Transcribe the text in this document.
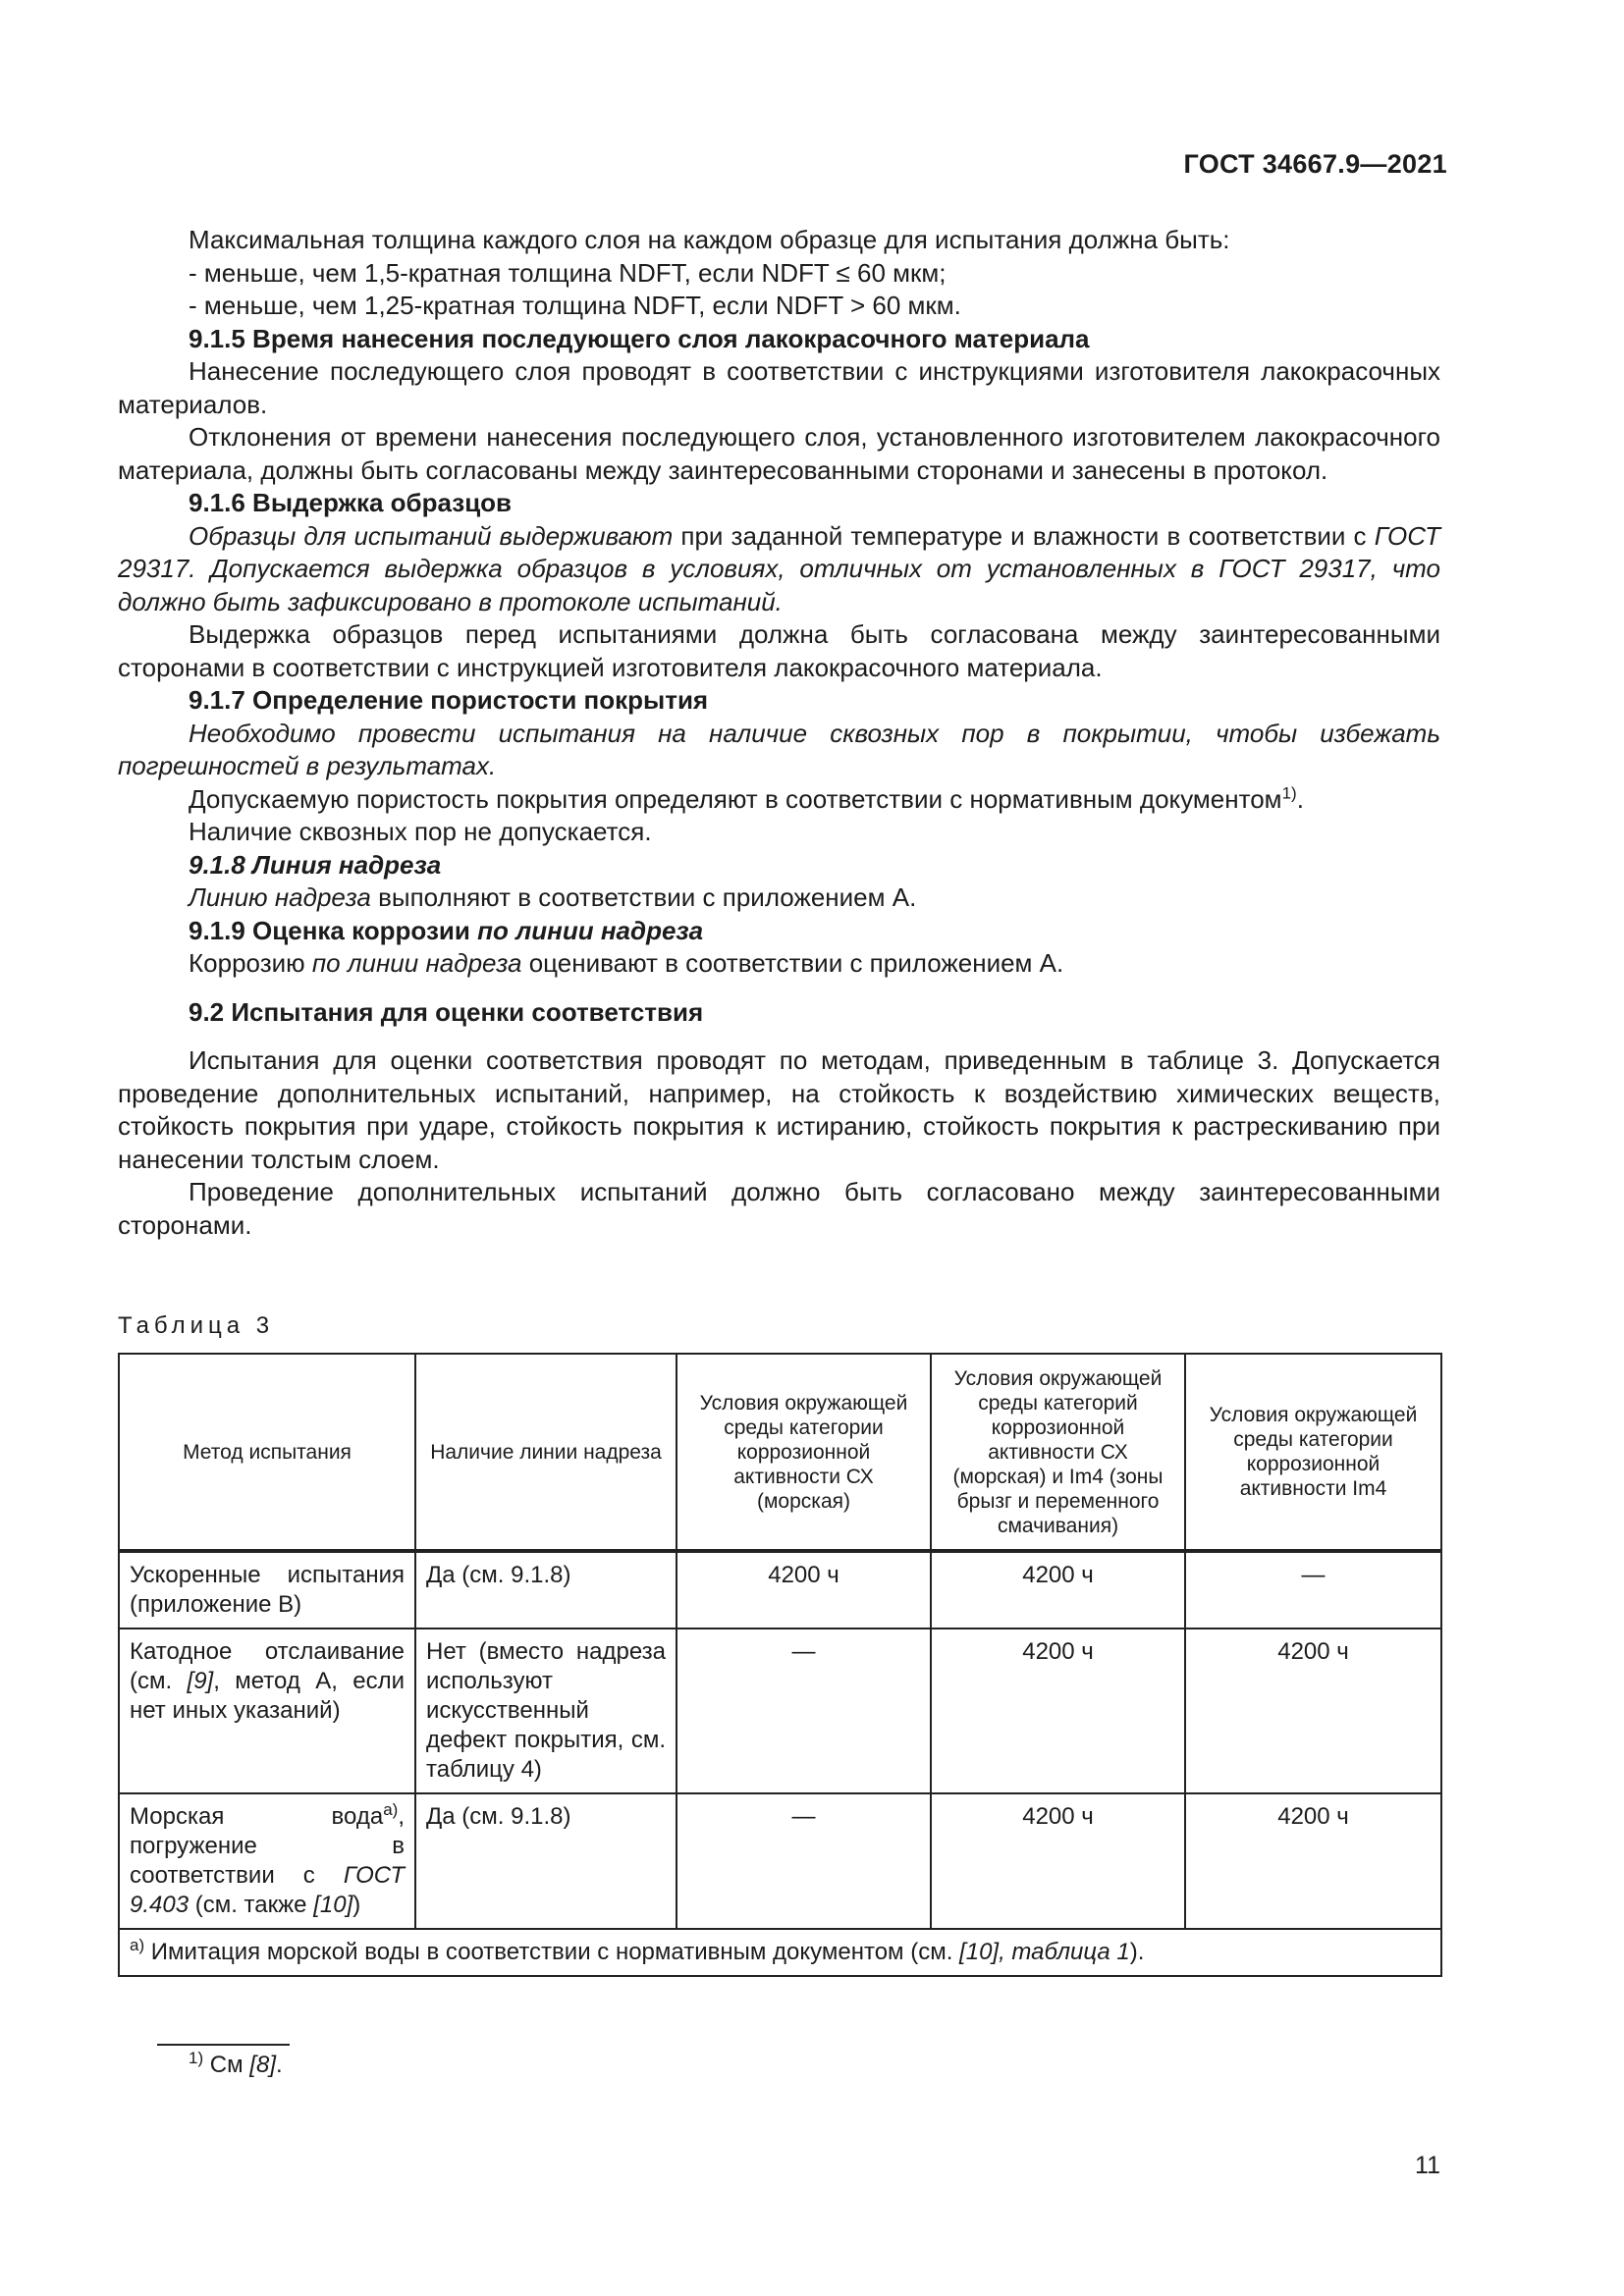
ГОСТ 34667.9—2021

Максимальная толщина каждого слоя на каждом образце для испытания должна быть:

- меньше, чем 1,5-кратная толщина NDFT, если NDFT ≤ 60 мкм;

- меньше, чем 1,25-кратная толщина NDFT, если NDFT > 60 мкм.

9.1.5 Время нанесения последующего слоя лакокрасочного материала

Нанесение последующего слоя проводят в соответствии с инструкциями изготовителя лакокрасочных материалов.

Отклонения от времени нанесения последующего слоя, установленного изготовителем лакокрасочного материала, должны быть согласованы между заинтересованными сторонами и занесены в протокол.

9.1.6 Выдержка образцов

Образцы для испытаний выдерживают при заданной температуре и влажности в соответствии с ГОСТ 29317. Допускается выдержка образцов в условиях, отличных от установленных в ГОСТ 29317, что должно быть зафиксировано в протоколе испытаний.

Выдержка образцов перед испытаниями должна быть согласована между заинтересованными сторонами в соответствии с инструкцией изготовителя лакокрасочного материала.

9.1.7 Определение пористости покрытия

Необходимо провести испытания на наличие сквозных пор в покрытии, чтобы избежать погрешностей в результатах.

Допускаемую пористость покрытия определяют в соответствии с нормативным документом$^{1)}$.

Наличие сквозных пор не допускается.

9.1.8 Линия надреза

Линию надреза выполняют в соответствии с приложением А.

9.1.9 Оценка коррозии по линии надреза

Коррозию по линии надреза оценивают в соответствии с приложением А.

9.2 Испытания для оценки соответствия

Испытания для оценки соответствия проводят по методам, приведенным в таблице 3. Допускается проведение дополнительных испытаний, например, на стойкость к воздействию химических веществ, стойкость покрытия при ударе, стойкость покрытия к истиранию, стойкость покрытия к растрескиванию при нанесении толстым слоем.

Проведение дополнительных испытаний должно быть согласовано между заинтересованными сторонами.

Таблица 3
Метод испытания	Наличие линии надреза	Условия окружающей среды категории коррозионной активности СХ (морская)	Условия окружающей среды категорий коррозионной активности СХ (морская) и Im4 (зоны брызг и переменного смачивания)	Условия окружающей среды категории коррозионной активности Im4
Ускоренные испытания (приложение В)	Да (см. 9.1.8)	4200 ч	4200 ч	—
Катодное отслаивание (см. [9], метод А, если нет иных указаний)	Нет (вместо надреза используют искусственный дефект покрытия, см. таблицу 4)	—	4200 ч	4200 ч
Морская вода$^{а)}$, погружение в соответствии с ГОСТ 9.403 (см. также [10])	Да (см. 9.1.8)	—	4200 ч	4200 ч
$^{а)}$ Имитация морской воды в соответствии с нормативным документом (см. [10], таблица 1).				
$^{1)}$ См [8].
11
